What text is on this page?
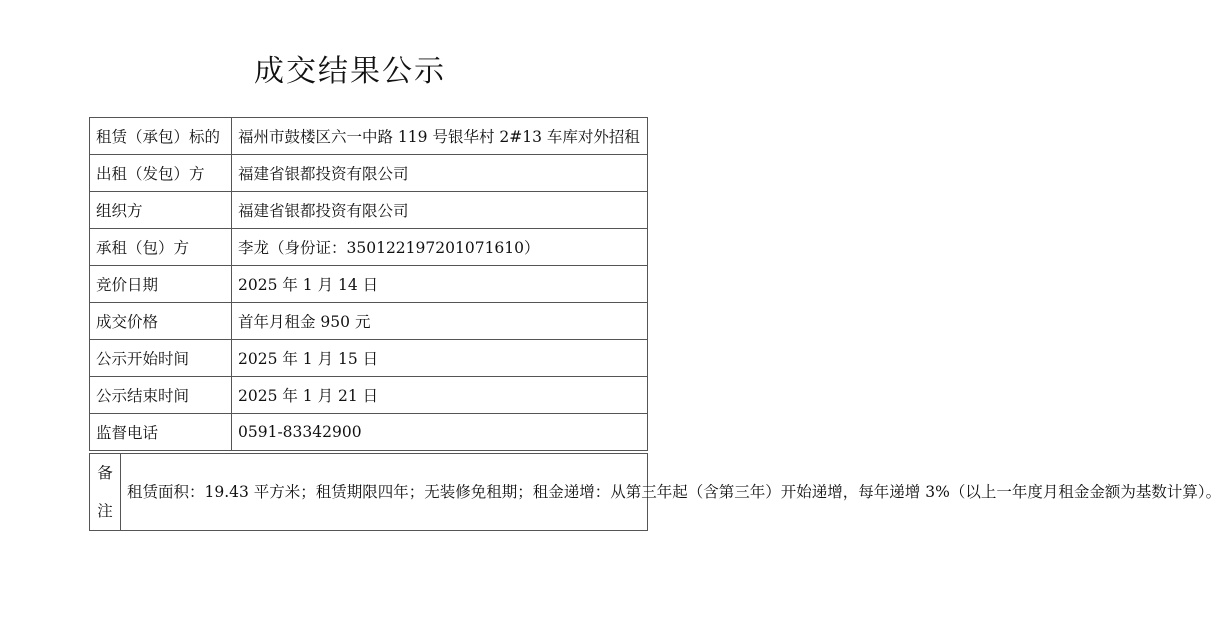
成交结果公示
租赁（承包）标的	福州市鼓楼区六一中路 119 号银华村 2#13 车库对外招租
出租（发包）方	福建省银都投资有限公司
组织方	福建省银都投资有限公司
承租（包）方	李龙（身份证：350122197201071610）
竞价日期	2025 年 1 月 14 日
成交价格	首年月租金 950 元
公示开始时间	2025 年 1 月 15 日
公示结束时间	2025 年 1 月 21 日
监督电话	0591-83342900
备
注
	租赁面积：19.43 平方米；租赁期限四年；无装修免租期；租金递增：从第三年起（含第三年）开始递增，每年递增 3%（以上一年度月租金金额为基数计算）。
